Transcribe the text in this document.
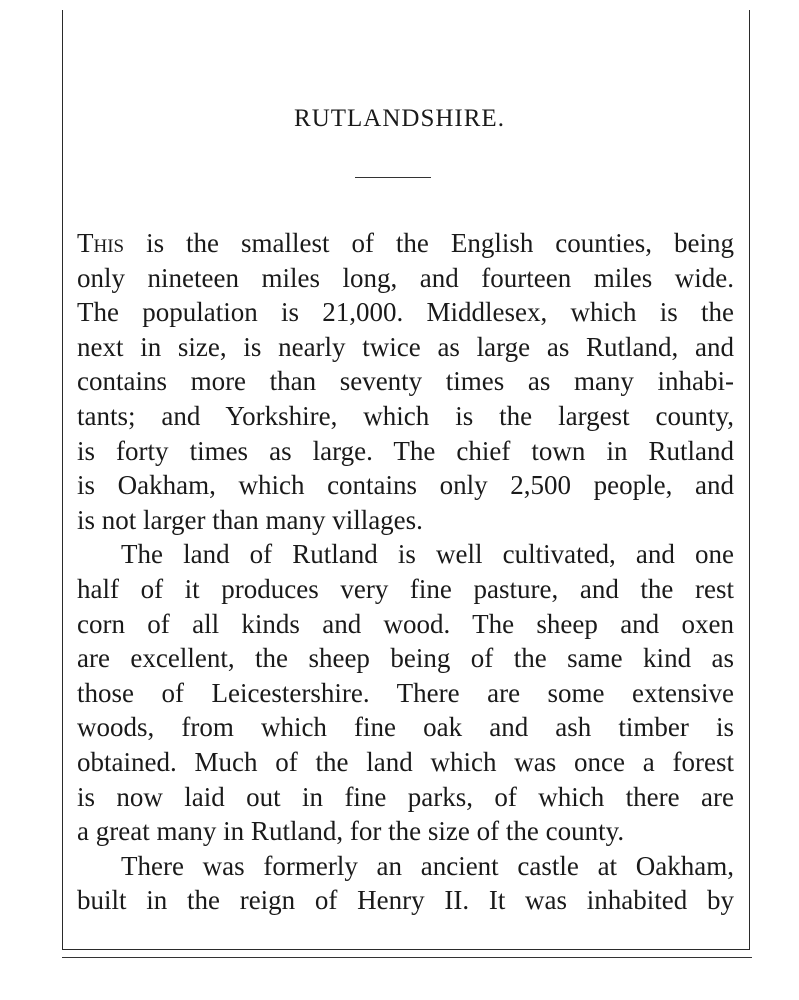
RUTLANDSHIRE.
This is the smallest of the English counties, being
only nineteen miles long, and fourteen miles wide.
The population is 21,000. Middlesex, which is the
next in size, is nearly twice as large as Rutland, and
contains more than seventy times as many inhabi-
tants; and Yorkshire, which is the largest county,
is forty times as large. The chief town in Rutland
is Oakham, which contains only 2,500 people, and
is not larger than many villages.
The land of Rutland is well cultivated, and one
half of it produces very fine pasture, and the rest
corn of all kinds and wood. The sheep and oxen
are excellent, the sheep being of the same kind as
those of Leicestershire. There are some extensive
woods, from which fine oak and ash timber is
obtained. Much of the land which was once a forest
is now laid out in fine parks, of which there are
a great many in Rutland, for the size of the county.
There was formerly an ancient castle at Oakham,
built in the reign of Henry II. It was inhabited by
